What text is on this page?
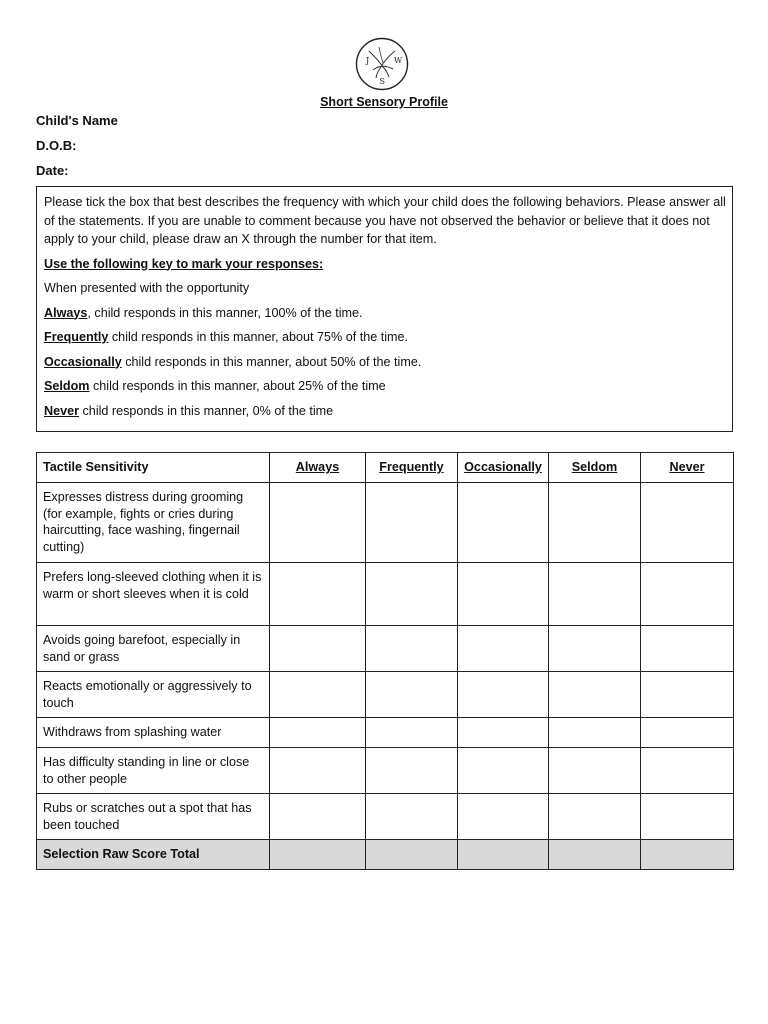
J	W
S
Short Sensory Profile
Child's Name
D.O.B:
Date:

Please tick the box that best describes the frequency with which your child does the following behaviors. Please answer all of the statements. If you are unable to comment because you have not observed the behavior or believe that it does not apply to your child, please draw an X through the number for that item.

Use the following key to mark your responses:

When presented with the opportunity

Always, child responds in this manner, 100% of the time.

Frequently child responds in this manner, about 75% of the time.

Occasionally child responds in this manner, about 50% of the time.

Seldom child responds in this manner, about 25% of the time

Never child responds in this manner, 0% of the time

Tactile Sensitivity	Always	Frequently	Occasionally	Seldom	Never
Expresses distress during grooming (for example, fights or cries during haircutting, face washing, fingernail cutting)					
Prefers long-sleeved clothing when it is warm or short sleeves when it is cold					
Avoids going barefoot, especially in sand or grass					
Reacts emotionally or aggressively to touch					
Withdraws from splashing water					
Has difficulty standing in line or close to other people					
Rubs or scratches out a spot that has been touched					
Selection Raw Score Total					
